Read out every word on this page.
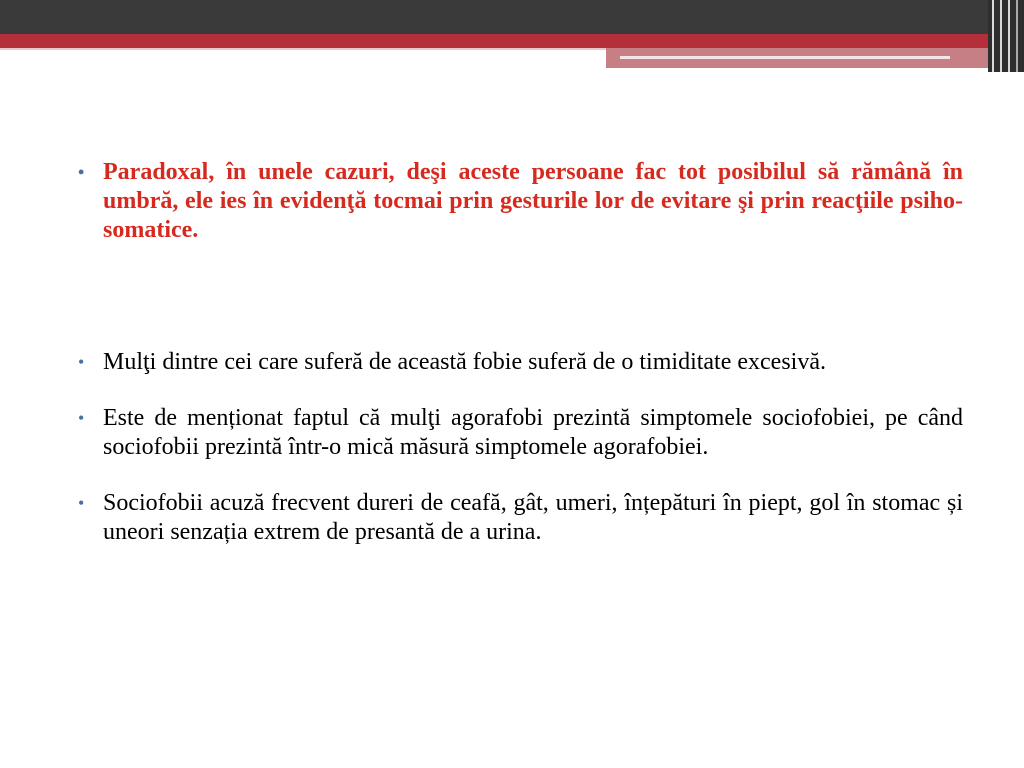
• Paradoxal, în unele cazuri, deşi aceste persoane fac tot posibilul să rămână în umbră, ele ies în evidenţă tocmai prin gesturile lor de evitare şi prin reacţiile psiho-somatice.
• Mulţi dintre cei care suferă de această fobie suferă de o timiditate excesivă.
• Este de menționat faptul că mulţi agorafobi prezintă simptomele sociofobiei, pe când sociofobii prezintă într-o mică măsură simptomele agorafobiei.
• Sociofobii acuză frecvent dureri de ceafă, gât, umeri, înțepături în piept, gol în stomac și uneori senzația extrem de presantă de a urina.
